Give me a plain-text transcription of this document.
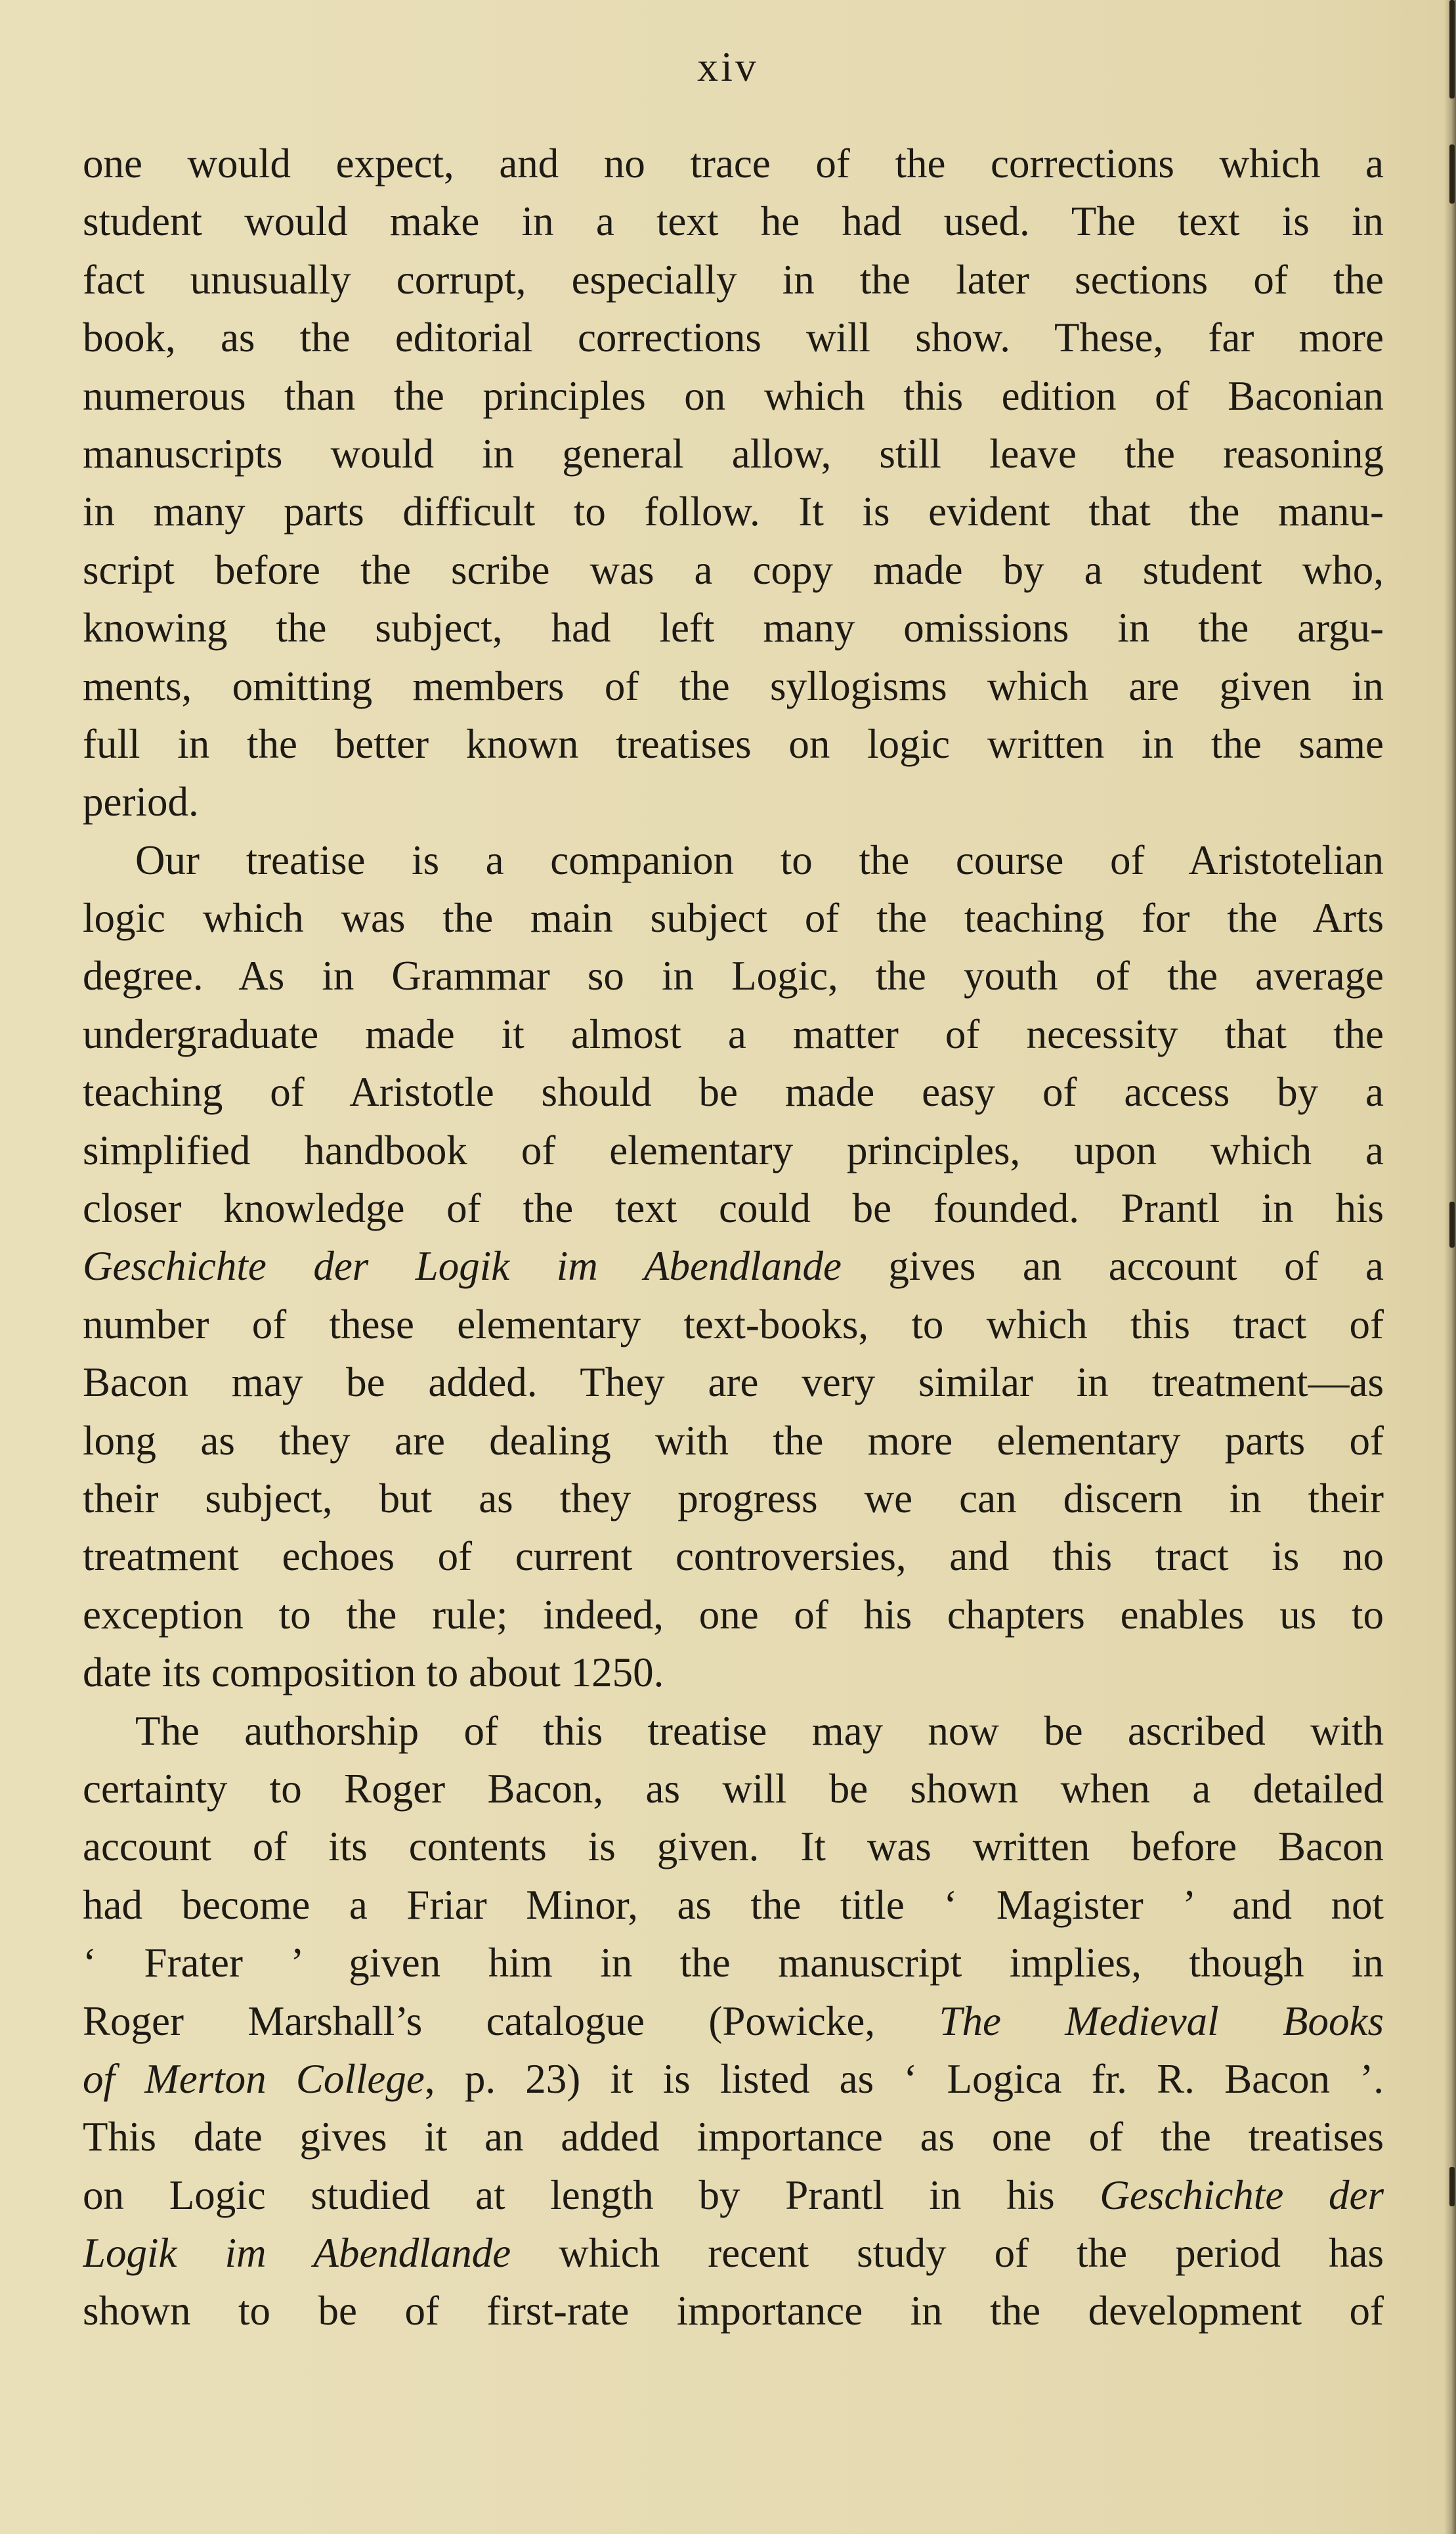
xiv
one would expect, and no trace of the corrections which a
student would make in a text he had used. The text is in
fact unusually corrupt, especially in the later sections of the
book, as the editorial corrections will show. These, far more
numerous than the principles on which this edition of Baconian
manuscripts would in general allow, still leave the reasoning
in many parts difficult to follow. It is evident that the manu-
script before the scribe was a copy made by a student who,
knowing the subject, had left many omissions in the argu-
ments, omitting members of the syllogisms which are given in
full in the better known treatises on logic written in the same
period.
Our treatise is a companion to the course of Aristotelian
logic which was the main subject of the teaching for the Arts
degree. As in Grammar so in Logic, the youth of the average
undergraduate made it almost a matter of necessity that the
teaching of Aristotle should be made easy of access by a
simplified handbook of elementary principles, upon which a
closer knowledge of the text could be founded. Prantl in his
Geschichte der Logik im Abendlande gives an account of a
number of these elementary text-books, to which this tract of
Bacon may be added. They are very similar in treatment—as
long as they are dealing with the more elementary parts of
their subject, but as they progress we can discern in their
treatment echoes of current controversies, and this tract is no
exception to the rule; indeed, one of his chapters enables us to
date its composition to about 1250.
The authorship of this treatise may now be ascribed with
certainty to Roger Bacon, as will be shown when a detailed
account of its contents is given. It was written before Bacon
had become a Friar Minor, as the title ‘ Magister ’ and not
‘ Frater ’ given him in the manuscript implies, though in
Roger Marshall’s catalogue (Powicke, The Medieval Books
of Merton College, p. 23) it is listed as ‘ Logica fr. R. Bacon ’.
This date gives it an added importance as one of the treatises
on Logic studied at length by Prantl in his Geschichte der
Logik im Abendlande which recent study of the period has
shown to be of first-rate importance in the development of
